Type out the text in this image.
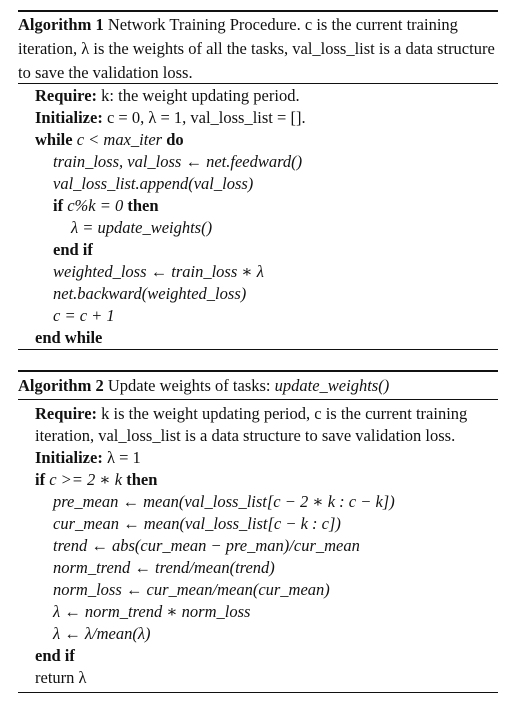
Algorithm 1 Network Training Procedure. c is the current training iteration, λ is the weights of all the tasks, val_loss_list is a data structure to save the validation loss.
Require: k: the weight updating period.
Initialize: c = 0, λ = 1, val_loss_list = [].
while c < max_iter do
train_loss, val_loss ← net.feedward()
val_loss_list.append(val_loss)
if c%k = 0 then
λ = update_weights()
end if
weighted_loss ← train_loss ∗ λ
net.backward(weighted_loss)
c = c + 1
end while
Algorithm 2 Update weights of tasks: update_weights()
Require: k is the weight updating period, c is the current training
iteration, val_loss_list is a data structure to save validation loss.
Initialize: λ = 1
if c >= 2 ∗ k then
pre_mean ← mean(val_loss_list[c − 2 ∗ k : c − k])
cur_mean ← mean(val_loss_list[c − k : c])
trend ← abs(cur_mean − pre_man)/cur_mean
norm_trend ← trend/mean(trend)
norm_loss ← cur_mean/mean(cur_mean)
λ ← norm_trend ∗ norm_loss
λ ← λ/mean(λ)
end if
return λ
